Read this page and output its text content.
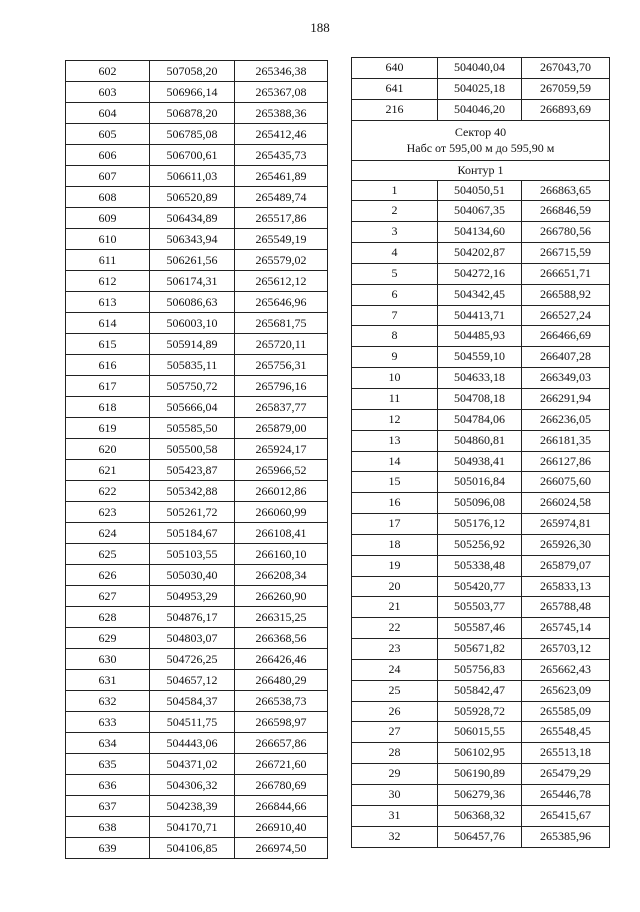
188
602	507058,20	265346,38
603	506966,14	265367,08
604	506878,20	265388,36
605	506785,08	265412,46
606	506700,61	265435,73
607	506611,03	265461,89
608	506520,89	265489,74
609	506434,89	265517,86
610	506343,94	265549,19
611	506261,56	265579,02
612	506174,31	265612,12
613	506086,63	265646,96
614	506003,10	265681,75
615	505914,89	265720,11
616	505835,11	265756,31
617	505750,72	265796,16
618	505666,04	265837,77
619	505585,50	265879,00
620	505500,58	265924,17
621	505423,87	265966,52
622	505342,88	266012,86
623	505261,72	266060,99
624	505184,67	266108,41
625	505103,55	266160,10
626	505030,40	266208,34
627	504953,29	266260,90
628	504876,17	266315,25
629	504803,07	266368,56
630	504726,25	266426,46
631	504657,12	266480,29
632	504584,37	266538,73
633	504511,75	266598,97
634	504443,06	266657,86
635	504371,02	266721,60
636	504306,32	266780,69
637	504238,39	266844,66
638	504170,71	266910,40
639	504106,85	266974,50
640	504040,04	267043,70
641	504025,18	267059,59
216	504046,20	266893,69

Сектор 40
Набс от 595,00 м до 595,90 м		

Контур 1		
1	504050,51	266863,65
2	504067,35	266846,59
3	504134,60	266780,56
4	504202,87	266715,59
5	504272,16	266651,71
6	504342,45	266588,92
7	504413,71	266527,24
8	504485,93	266466,69
9	504559,10	266407,28
10	504633,18	266349,03
11	504708,18	266291,94
12	504784,06	266236,05
13	504860,81	266181,35
14	504938,41	266127,86
15	505016,84	266075,60
16	505096,08	266024,58
17	505176,12	265974,81
18	505256,92	265926,30
19	505338,48	265879,07
20	505420,77	265833,13
21	505503,77	265788,48
22	505587,46	265745,14
23	505671,82	265703,12
24	505756,83	265662,43
25	505842,47	265623,09
26	505928,72	265585,09
27	506015,55	265548,45
28	506102,95	265513,18
29	506190,89	265479,29
30	506279,36	265446,78
31	506368,32	265415,67
32	506457,76	265385,96
